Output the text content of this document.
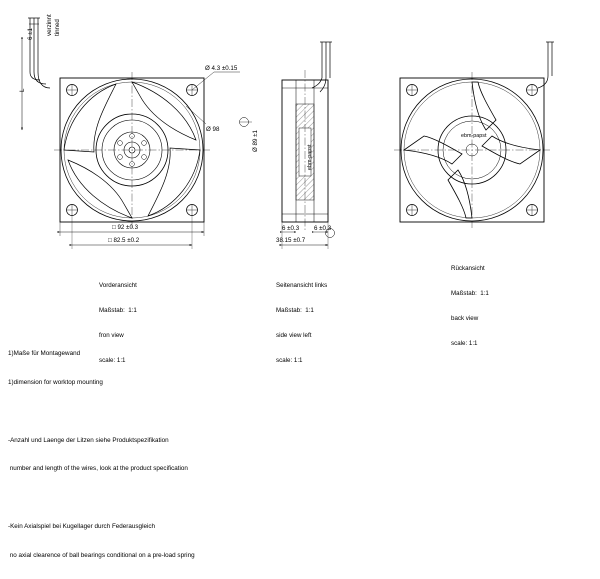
6 ±1 verzinnt tinned
L
Ø 4.3 ±0.15
Ø 98
□ 92 ±0.3
□ 82.5 ±0.2

Vorderansicht

Maßstab:  1:1

fron view

scale: 1:1

Ø 89 ±1
ebm-papst
6 ±0.3 6 ±0.3
38.15 ±0.7

Seitenansicht links

Maßstab:  1:1

side view left

scale: 1:1

ebm-papst

Rückansicht

Maßstab:  1:1

back view

scale: 1:1

1)Maße für Montagewand

1)dimension for worktop mounting

-Anzahl und Laenge der Litzen siehe Produktspezifikation

number and length of the wires, look at the product specification

-Kein Axialspiel bei Kugellager durch Federausgleich

no axial clearence of ball bearings conditional on a pre-load spring
